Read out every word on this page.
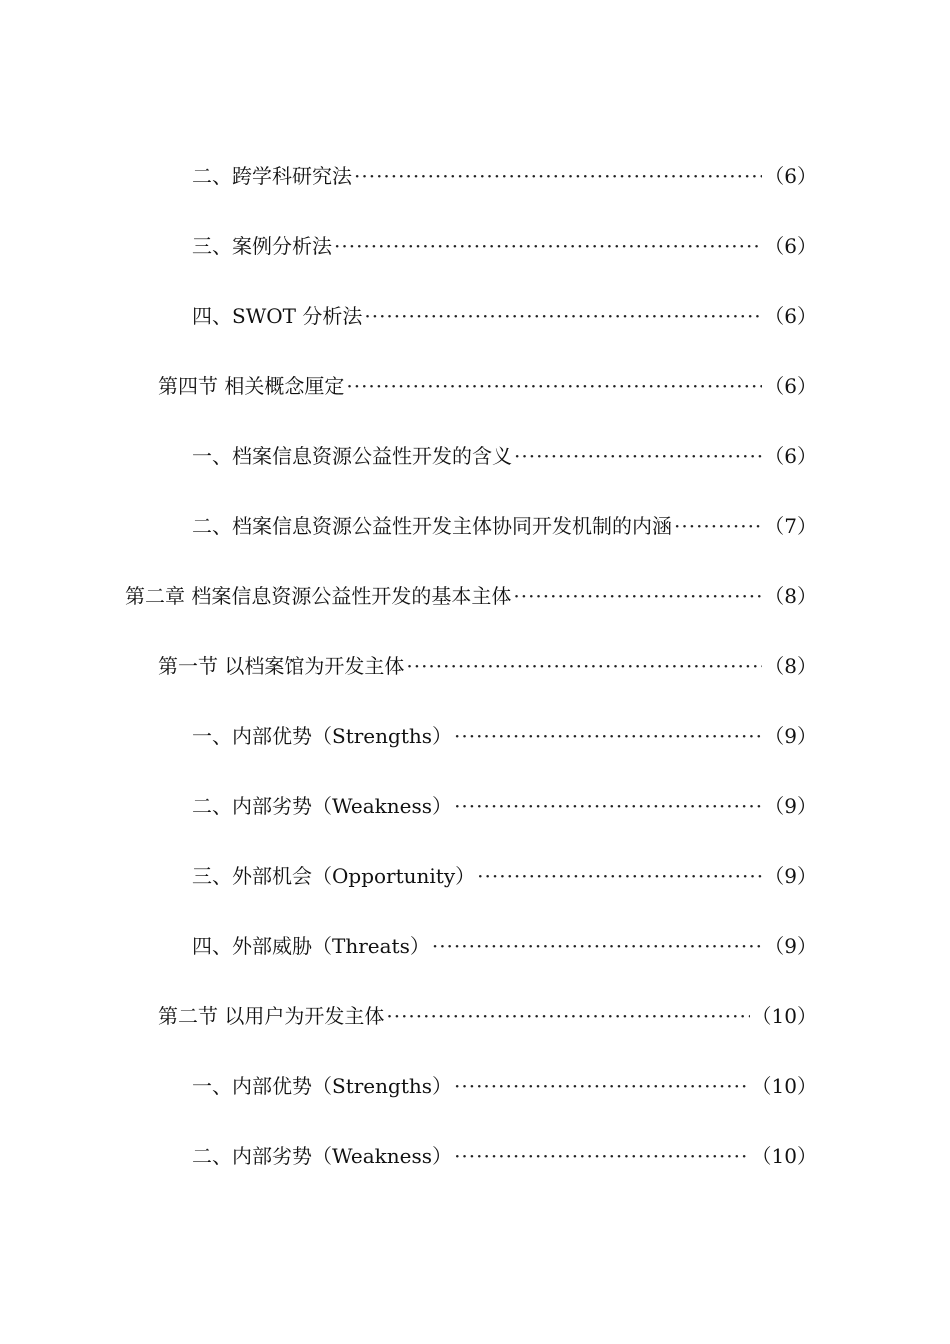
二、跨学科研究法 ·····	（6）
三、案例分析法 ·····	（6）
四、SWOT 分析法 ·····	（6）
第四节 相关概念厘定 ·····	（6）
一、档案信息资源公益性开发的含义 ·····	（6）
二、档案信息资源公益性开发主体协同开发机制的内涵 ·····	（7）
第二章 档案信息资源公益性开发的基本主体 ·····	（8）
第一节 以档案馆为开发主体 ·····	（8）
一、内部优势（Strengths） ·····	（9）
二、内部劣势（Weakness） ·····	（9）
三、外部机会（Opportunity） ·····	（9）
四、外部威胁（Threats） ·····	（9）
第二节 以用户为开发主体 ·····	（10）
一、内部优势（Strengths） ·····	（10）
二、内部劣势（Weakness） ·····	（10）
